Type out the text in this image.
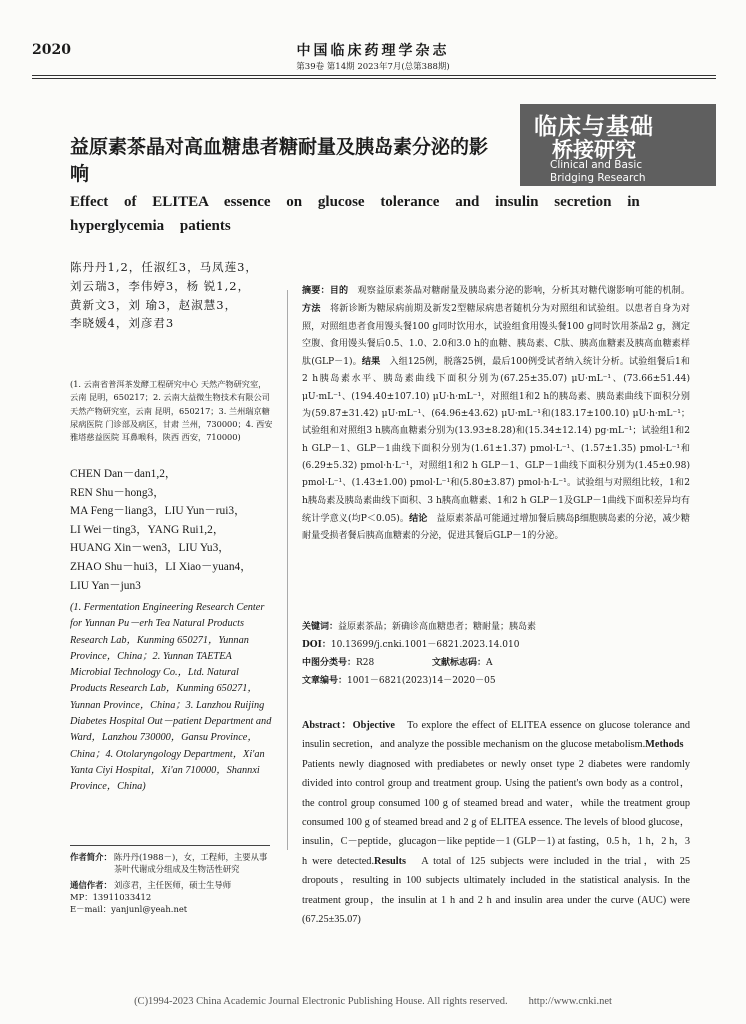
2020	中国临床药理学杂志
第39卷 第14期 2023年7月(总第388期)
临床与基础
桥接研究
Clinical and Basic
Bridging Research
益原素茶晶对高血糖患者糖耐量及胰岛素分泌的影响
Effect of ELITEA essence on glucose tolerance and insulin secretion in hyperglycemia patients
陈丹丹1,2，任淑红3，马凤莲3，
刘云瑞3，李伟婷3，杨 锐1,2，
黄新文3，刘 瑜3，赵淑慧3，
李晓媛4，刘彦君3
(1. 云南省普洱茶发酵工程研究中心 天然产物研究室，云南 昆明，650217；2. 云南大益微生物技术有限公司 天然产物研究室，云南 昆明，650217；3. 兰州瑞京糖尿病医院 门诊部及病区，甘肃 兰州，730000；4. 西安雅塔慈益医院 耳鼻喉科，陕西 西安，710000)
CHEN Dan－dan1,2，
REN Shu－hong3，
MA Feng－liang3，LIU Yun－rui3，
LI Wei－ting3，YANG Rui1,2，
HUANG Xin－wen3，LIU Yu3，
ZHAO Shu－hui3，LI Xiao－yuan4，
LIU Yan－jun3
(1. Fermentation Engineering Research Center for Yunnan Pu－erh Tea Natural Products Research Lab，Kunming 650271，Yunnan Province，China；2. Yunnan TAETEA Microbial Technology Co.，Ltd. Natural Products Research Lab，Kunming 650271，Yunnan Province，China；3. Lanzhou Ruijing Diabetes Hospital Out－patient Department and Ward，Lanzhou 730000，Gansu Province，China；4. Otolaryngology Department，Xi'an Yanta Ciyi Hospital，Xi'an 710000，Shannxi Province，China)
作者简介： 陈丹丹(1988－)，女，工程师，主要从事茶叶代谢成分组成及生物活性研究
通信作者： 刘彦君，主任医师，硕士生导师
MP：13911033412
E－mail：yanjunl@yeah.net
摘要：目的　观察益原素茶晶对糖耐量及胰岛素分泌的影响，分析其对糖代谢影响可能的机制。方法　将新诊断为糖尿病前期及新发2型糖尿病患者随机分为对照组和试验组。以患者自身为对照，对照组患者食用馒头餐100 g同时饮用水，试验组食用馒头餐100 g同时饮用茶晶2 g，测定空腹、食用馒头餐后0.5、1.0、2.0和3.0 h的血糖、胰岛素、C肽、胰高血糖素及胰高血糖素样肽(GLP－1)。结果　入组125例，脱落25例，最后100例受试者纳入统计分析。试验组餐后1和2 h胰岛素水平、胰岛素曲线下面积分别为(67.25±35.07) μU·mL⁻¹、(73.66±51.44) μU·mL⁻¹、(194.40±107.10) μU·h·mL⁻¹，对照组1和2 h的胰岛素、胰岛素曲线下面积分别为(59.87±31.42) μU·mL⁻¹、(64.96±43.62) μU·mL⁻¹和(183.17±100.10) μU·h·mL⁻¹；试验组和对照组3 h胰高血糖素分别为(13.93±8.28)和(15.34±12.14) pg·mL⁻¹；试验组1和2 h GLP－1、GLP－1曲线下面积分别为(1.61±1.37) pmol·L⁻¹、(1.57±1.35) pmol·L⁻¹和(6.29±5.32) pmol·h·L⁻¹，对照组1和2 h GLP－1、GLP－1曲线下面积分别为(1.45±0.98) pmol·L⁻¹、(1.43±1.00) pmol·L⁻¹和(5.80±3.87) pmol·h·L⁻¹。试验组与对照组比较，1和2 h胰岛素及胰岛素曲线下面积、3 h胰高血糖素、1和2 h GLP－1及GLP－1曲线下面积差异均有统计学意义(均P＜0.05)。结论　益原素茶晶可能通过增加餐后胰岛β细胞胰岛素的分泌，减少糖耐量受损者餐后胰高血糖素的分泌，促进其餐后GLP－1的分泌。
关键词：益原素茶晶；新确诊高血糖患者；糖耐量；胰岛素
DOI：10.13699/j.cnki.1001－6821.2023.14.010
中图分类号：R28	文献标志码：A
文章编号：1001－6821(2023)14－2020－05
Abstract：Objective　To explore the effect of ELITEA essence on glucose tolerance and insulin secretion，and analyze the possible mechanism on the glucose metabolism.Methods　Patients newly diagnosed with prediabetes or newly onset type 2 diabetes were randomly divided into control group and treatment group. Using the patient's own body as a control，the control group consumed 100 g of steamed bread and water，while the treatment group consumed 100 g of steamed bread and 2 g of ELITEA essence. The levels of blood glucose，insulin，C－peptide，glucagon－like peptide－1 (GLP－1) at fasting，0.5 h，1 h，2 h，3 h were detected.Results　A total of 125 subjects were included in the trial，with 25 dropouts，resulting in 100 subjects ultimately included in the statistical analysis. In the treatment group，the insulin at 1 h and 2 h and insulin area under the curve (AUC) were (67.25±35.07)
(C)1994-2023 China Academic Journal Electronic Publishing House. All rights reserved.　　http://www.cnki.net
